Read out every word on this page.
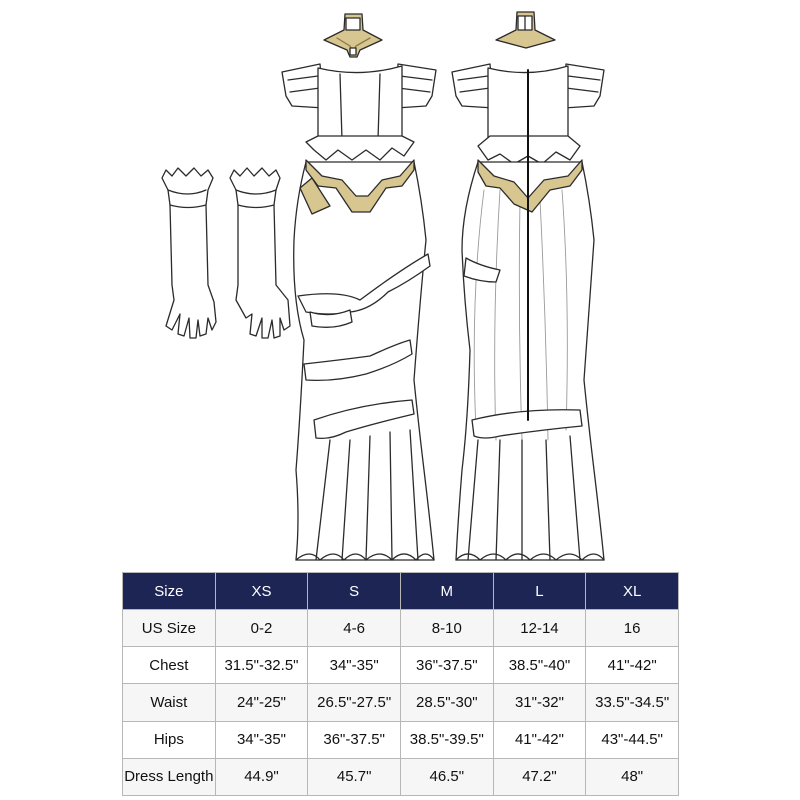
Size	XS	S	M	L	XL
US Size	0-2	4-6	8-10	12-14	16
Chest	31.5"-32.5"	34"-35"	36"-37.5"	38.5"-40"	41"-42"
Waist	24"-25"	26.5"-27.5"	28.5"-30"	31"-32"	33.5"-34.5"
Hips	34"-35"	36"-37.5"	38.5"-39.5"	41"-42"	43"-44.5"
Dress Length	44.9"	45.7"	46.5"	47.2"	48"
